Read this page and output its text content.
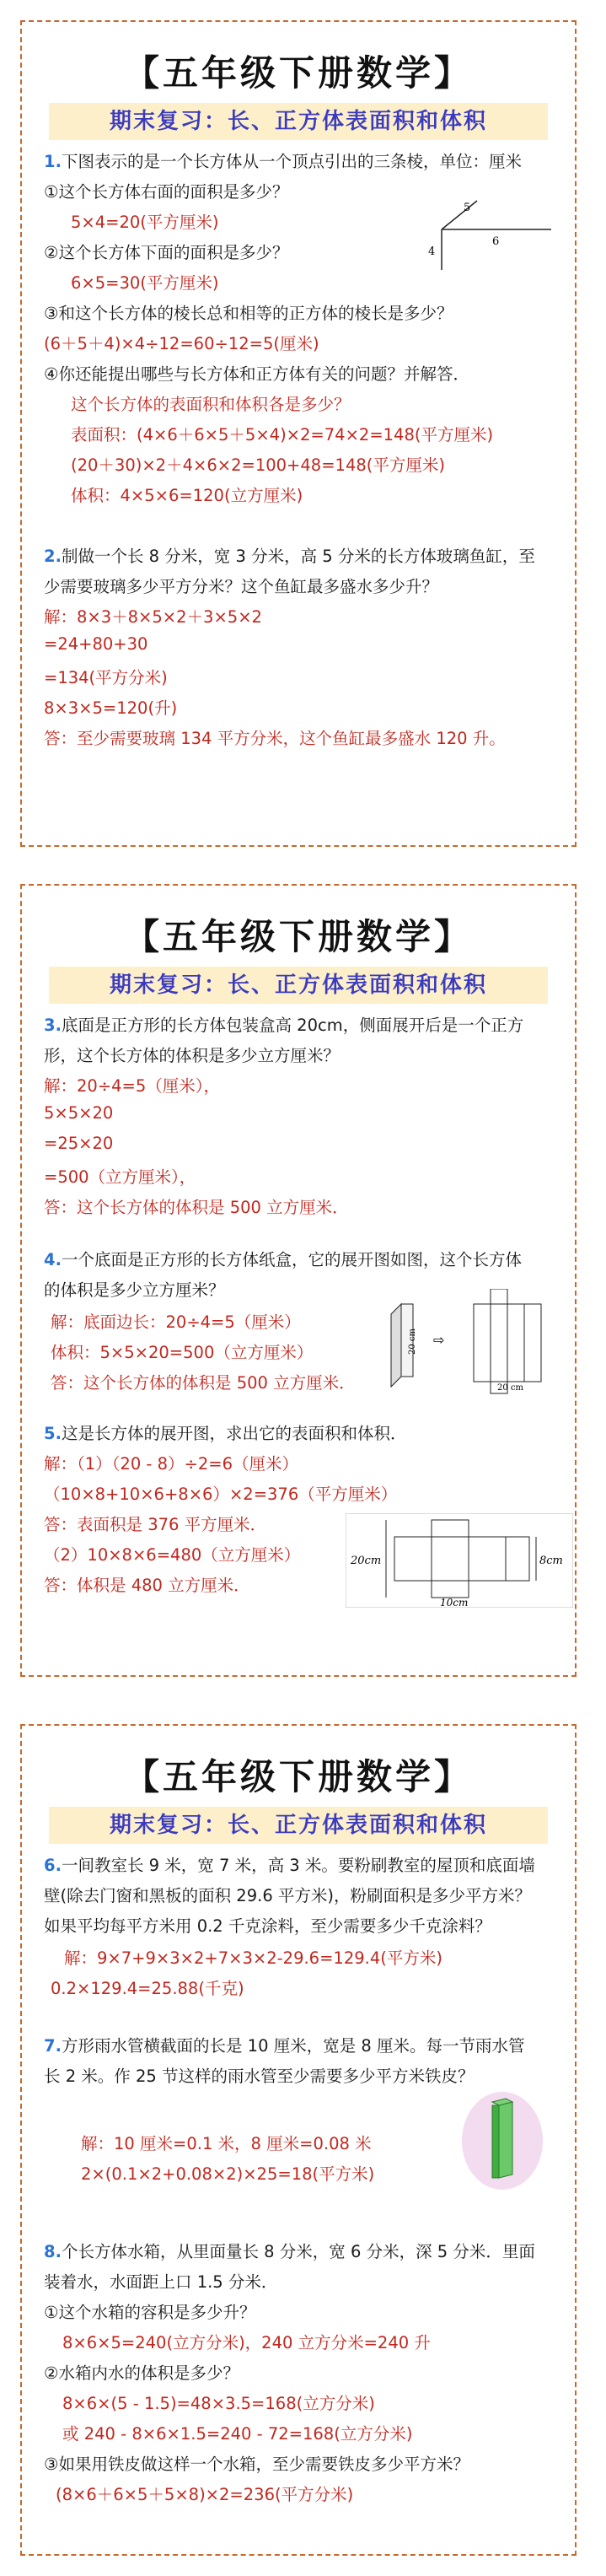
【五年级下册数学】
期末复习：长、正方体表面积和体积
1.下图表示的是一个长方体从一个顶点引出的三条棱，单位：厘米
①这个长方体右面的面积是多少？
5×4=20(平方厘米)
②这个长方体下面的面积是多少？
6×5=30(平方厘米)
③和这个长方体的棱长总和相等的正方体的棱长是多少？
(6＋5＋4)×4÷12=60÷12=5(厘米)
④你还能提出哪些与长方体和正方体有关的问题？并解答．
这个长方体的表面积和体积各是多少？
表面积：(4×6＋6×5＋5×4)×2=74×2=148(平方厘米)
(20＋30)×2＋4×6×2=100+48=148(平方厘米)
体积：4×5×6=120(立方厘米)
2.制做一个长 8 分米，宽 3 分米，高 5 分米的长方体玻璃鱼缸，至
少需要玻璃多少平方分米？这个鱼缸最多盛水多少升？
解：8×3＋8×5×2＋3×5×2
=24+80+30
=134(平方分米)
8×3×5=120(升)
答：至少需要玻璃 134 平方分米，这个鱼缸最多盛水 120 升。
5
6
4
【五年级下册数学】
期末复习：长、正方体表面积和体积
3.底面是正方形的长方体包装盒高 20cm，侧面展开后是一个正方
形，这个长方体的体积是多少立方厘米？
解：20÷4=5（厘米），
5×5×20
=25×20
=500（立方厘米），
答：这个长方体的体积是 500 立方厘米．
4.一个底面是正方形的长方体纸盒，它的展开图如图，这个长方体
的体积是多少立方厘米？
解：底面边长：20÷4=5（厘米）
体积：5×5×20=500（立方厘米）
答：这个长方体的体积是 500 立方厘米．
5.这是长方体的展开图，求出它的表面积和体积．
解：（1）（20 - 8）÷2=6（厘米）
（10×8+10×6+8×6）×2=376（平方厘米）
答：表面积是 376 平方厘米．
（2）10×8×6=480（立方厘米）
答：体积是 480 立方厘米．
20 cm ⇨
20 cm
20cm	8cm
10cm
【五年级下册数学】
期末复习：长、正方体表面积和体积
6.一间教室长 9 米，宽 7 米，高 3 米。要粉刷教室的屋顶和底面墙
壁(除去门窗和黑板的面积 29.6 平方米)，粉刷面积是多少平方米？
如果平均每平方米用 0.2 千克涂料，至少需要多少千克涂料？
解：9×7+9×3×2+7×3×2-29.6=129.4(平方米)
0.2×129.4=25.88(千克)
7.方形雨水管横截面的长是 10 厘米，宽是 8 厘米。每一节雨水管
长 2 米。作 25 节这样的雨水管至少需要多少平方米铁皮？
解：10 厘米=0.1 米，8 厘米=0.08 米
2×(0.1×2+0.08×2)×25=18(平方米)
8.个长方体水箱，从里面量长 8 分米，宽 6 分米，深 5 分米．里面
装着水，水面距上口 1.5 分米．
①这个水箱的容积是多少升？
8×6×5=240(立方分米)，240 立方分米=240 升
②水箱内水的体积是多少？
8×6×(5 - 1.5)=48×3.5=168(立方分米)
或 240 - 8×6×1.5=240 - 72=168(立方分米)
③如果用铁皮做这样一个水箱，至少需要铁皮多少平方米？
(8×6＋6×5＋5×8)×2=236(平方分米)
